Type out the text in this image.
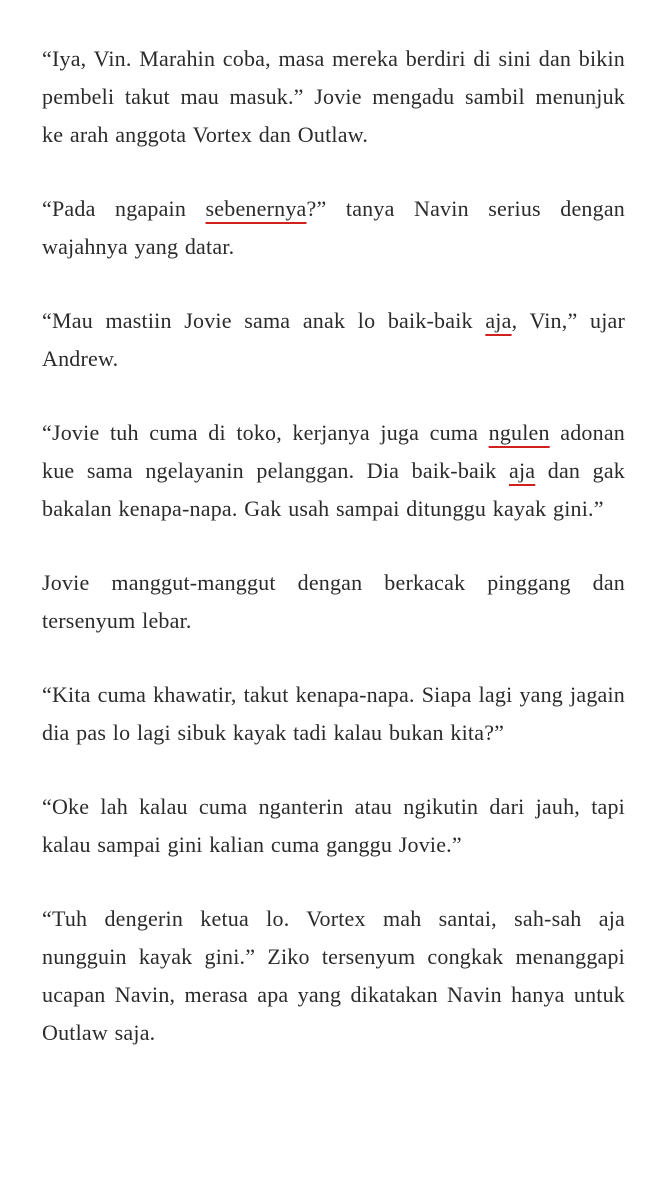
“Iya, Vin. Marahin coba, masa mereka berdiri di sini dan bikin pembeli takut mau masuk.” Jovie mengadu sambil menunjuk ke arah anggota Vortex dan Outlaw.

“Pada ngapain sebenernya?” tanya Navin serius dengan wajahnya yang datar.

“Mau mastiin Jovie sama anak lo baik-baik aja, Vin,” ujar Andrew.

“Jovie tuh cuma di toko, kerjanya juga cuma ngulen adonan kue sama ngelayanin pelanggan. Dia baik-baik aja dan gak bakalan kenapa-napa. Gak usah sampai ditunggu kayak gini.”

Jovie manggut-manggut dengan berkacak pinggang dan tersenyum lebar.

“Kita cuma khawatir, takut kenapa-napa. Siapa lagi yang jagain dia pas lo lagi sibuk kayak tadi kalau bukan kita?”

“Oke lah kalau cuma nganterin atau ngikutin dari jauh, tapi kalau sampai gini kalian cuma ganggu Jovie.”

“Tuh dengerin ketua lo. Vortex mah santai, sah-sah aja nungguin kayak gini.” Ziko tersenyum congkak menanggapi ucapan Navin, merasa apa yang dikatakan Navin hanya untuk Outlaw saja.
